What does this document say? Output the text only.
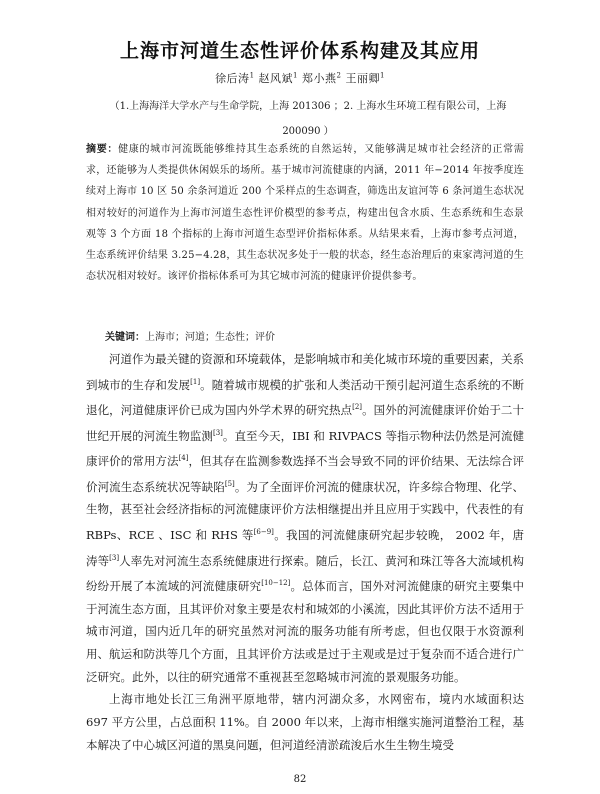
上海市河道生态性评价体系构建及其应用
徐后涛$^1$ 赵风斌$^1$ 郑小燕$^2$ 王丽卿$^1$
（1.上海海洋大学水产与生命学院，上海 201306 ；2. 上海水生环境工程有限公司，上海
200090 ）
摘要：健康的城市河流既能够维持其生态系统的自然运转，又能够满足城市社会经济的正常需求，还能够为人类提供休闲娱乐的场所。基于城市河流健康的内涵，2011 年−2014 年按季度连续对上海市 10 区 50 余条河道近 200 个采样点的生态调查，筛选出友谊河等 6 条河道生态状况相对较好的河道作为上海市河道生态性评价模型的参考点，构建出包含水质、生态系统和生态景观等 3 个方面 18 个指标的上海市河道生态型评价指标体系。从结果来看，上海市参考点河道，生态系统评价结果 3.25−4.28，其生态状况多处于一般的状态，经生态治理后的束家湾河道的生态状况相对较好。该评价指标体系可为其它城市河流的健康评价提供参考。
关键词：上海市；河道；生态性；评价

河道作为最关键的资源和环境载体，是影响城市和美化城市环境的重要因素，关系到城市的生存和发展[1]。随着城市规模的扩张和人类活动干预引起河道生态系统的不断退化，河道健康评价已成为国内外学术界的研究热点[2]。国外的河流健康评价始于二十世纪开展的河流生物监测[3]。直至今天，IBI 和 RIVPACS 等指示物种法仍然是河流健康评价的常用方法[4]，但其存在监测参数选择不当会导致不同的评价结果、无法综合评价河流生态系统状况等缺陷[5]。为了全面评价河流的健康状况，许多综合物理、化学、生物，甚至社会经济指标的河流健康评价方法相继提出并且应用于实践中，代表性的有 RBPs、RCE 、ISC 和 RHS 等[6−9]。我国的河流健康研究起步较晚， 2002 年，唐涛等[3]人率先对河流生态系统健康进行探索。随后，长江、黄河和珠江等各大流域机构纷纷开展了本流域的河流健康研究[10−12]。总体而言，国外对河流健康的研究主要集中于河流生态方面，且其评价对象主要是农村和城郊的小溪流，因此其评价方法不适用于城市河道，国内近几年的研究虽然对河流的服务功能有所考虑，但也仅限于水资源利用、航运和防洪等几个方面，且其评价方法或是过于主观或是过于复杂而不适合进行广泛研究。此外，以往的研究通常不重视甚至忽略城市河流的景观服务功能。

上海市地处长江三角洲平原地带，辖内河湖众多，水网密布，境内水域面积达 697 平方公里，占总面积 11%。自 2000 年以来，上海市相继实施河道整治工程，基本解决了中心城区河道的黑臭问题，但河道经清淤疏浚后水生生物生境受

82
